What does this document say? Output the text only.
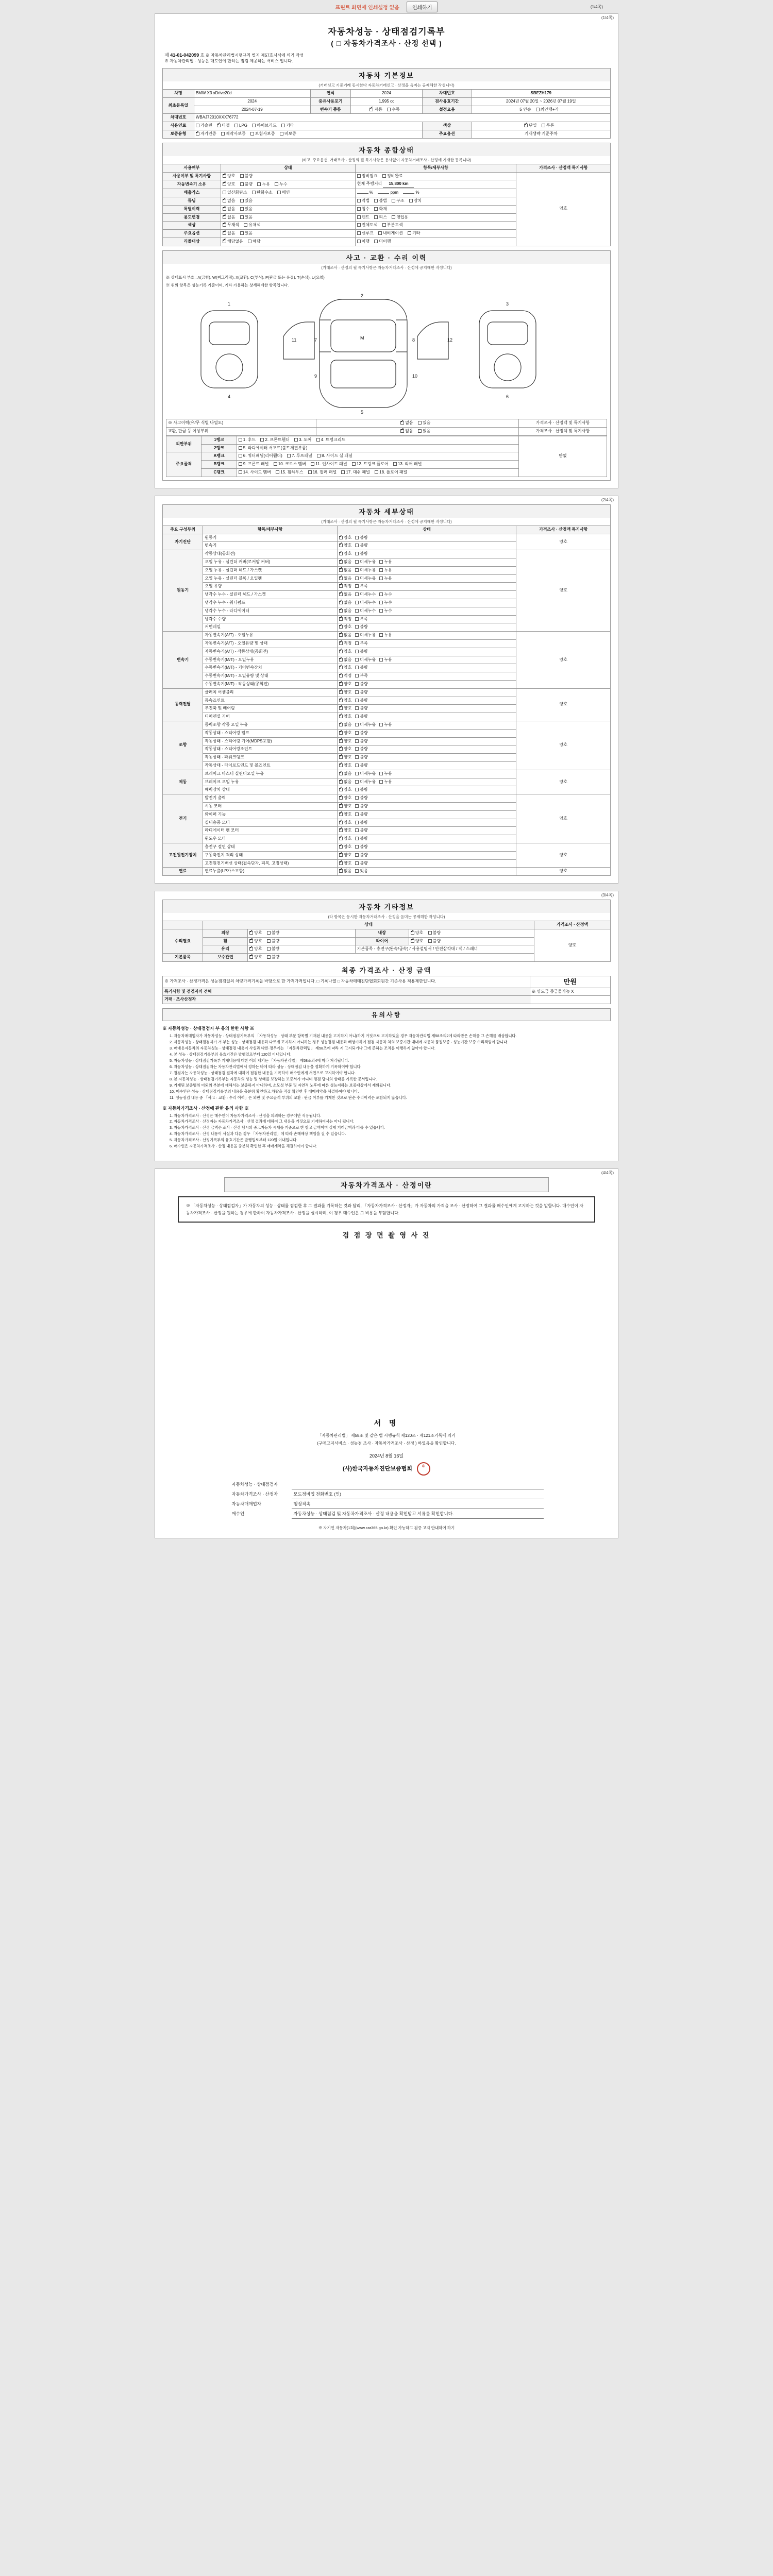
프린트 화면에 인쇄설정 없음	인쇄하기	(1/4쪽)
(1/4쪽)
자동차성능 · 상태점검기록부
( □ 자동차가격조사 · 산정 선택 )
제 41-01-042099 호 ※ 자동차관리법시행규칙 별지 제57호서식에 의거 작성
※ 자동차관리법 · 성능은 매도인에 한하는 점검 제공하는 서비스 입니다.
자동차 기본정보
(거래신고 기준거래 동시한다 자동차거래신고 · 산정을 음미는 공제해한 작성니다)
차명	BMW X3 xDrive20d	연식	2024	차대번호	SBEZH179
최초등록일	2024	중유사용포기	1,995 cc	검사유효기간	2024년 07월 20일 ~ 2026년 07월 19일
	2024-07-19	변속기 종류	✔자동 수동	설정요용	5 인승 최안행+가
차대번호	WBAJ72010XXX76772				
사용연료	가솔린 ✔ 디젤 LPG 하이브리드 기타			색상	✔단일 투톤
보증유형	✔자기인증 제작사보증 보험사보증 비보증			주요옵션	기재생략 기준주차
자동차 종합상태
(비고, 주요옵션, 거래조사 · 산정의 필 특기사항은 용사없이 자동차거래조사 · 산정에 기재한 등록니다)
사용여부	상태	항목/세부사항	가격조사 · 산정액 특기사항
사용여부 및 특기사항	✔양호 불량	정비필요 정비완료	양호
자동변속기 소유	✔양호 불량 누유 누수	현재 주행거리 15,800 km	
배출가스	일산화탄소 탄화수소 매연	% ppm %	
튜닝	✔없음 있음	적법 불법 구조 장치	
특별이력	✔없음 있음	침수 화재	
용도변경	✔없음 있음	렌트 리스 영업용	
색상	✔무채색 유채색	전체도색 부분도색	
주요옵션	✔없음 있음	선루프 내비게이션 기타	
리콜대상	✔해당없음 해당	이행 미이행	
사고 · 교환 · 수리 이력
(거래조사 · 산정의 필 특기사항은 자동차거래조사 · 산정에 공지해한 작성니다)
※ 상태표시 부호 : A(긁힘), W(찌그러짐), X(교환), C(부식), P(판금 또는 용접), T(손상), U(요철)
※ 위의 항목은 성능기록 기준이며, 기타 가용하는 상세해제한 항목입니다.
1
4
2
5
3
6
M
7	8
9	10
11	12
※ 사고이력(유/무 식별 나열도)	✔없음 있음	가격조사 · 산정액 및 특기사항
교환, 판금 등 이상부위	✔없음 있음	가격조사 · 산정액 및 특기사항
외판부위	1랭크	1. 후드 2. 프론트휀더 3. 도어 4. 트렁크리드	만없
	2랭크	5. 라디에이터 서포트(볼트체결부품)	
주요골격	A랭크	6. 쿼터패널(리어휀더) 7. 루프패널 8. 사이드 실 패널	
	B랭크	9. 프론트 패널 10. 크로스 멤버 11. 인사이드 패널 12. 트렁크 플로어 13. 리어 패널	
	C랭크	14. 사이드 멤버 15. 휠하우스 16. 필러 패널 17. 대쉬 패널 18. 플로어 패널	
(2/4쪽)
자동차 세부상태
(거래조사 · 산정의 필 특기사항은 자동차거래조사 · 산정에 공지해한 작성니다)
주요 구성부위	항목/세부사항	상태	가격조사 · 산정액 특기사항
자기진단	원동기	✔양호 불량	양호
	변속기	✔양호 불량
원동기	작동상태(공회전)	✔양호 불량	양호
	오일 누유 - 실린더 커버(로커암 커버)	✔없음 미세누유 누유
	오일 누유 - 실린더 헤드 / 가스켓	✔없음 미세누유 누유
	오일 누유 - 실린더 블록 / 오일팬	✔없음 미세누유 누유
	오일 유량	✔적정 부족
	냉각수 누수 - 실린더 헤드 / 가스켓	✔없음 미세누수 누수
	냉각수 누수 - 워터펌프	✔없음 미세누수 누수
	냉각수 누수 - 라디에이터	✔없음 미세누수 누수
	냉각수 수량	✔적정 부족
	커먼레일	✔양호 불량
변속기	자동변속기(A/T) - 오일누유	✔없음 미세누유 누유	양호
	자동변속기(A/T) - 오일유량 및 상태	✔적정 부족
	자동변속기(A/T) - 작동상태(공회전)	✔양호 불량
	수동변속기(M/T) - 오일누유	✔없음 미세누유 누유
	수동변속기(M/T) - 기어변속장치	✔양호 불량
	수동변속기(M/T) - 오일유량 및 상태	✔적정 부족
	수동변속기(M/T) - 작동상태(공회전)	✔양호 불량
동력전달	클러치 어셈블리	✔양호 불량	양호
	등속죠인트	✔양호 불량
	추진축 및 베어링	✔양호 불량
	디퍼렌셜 기어	✔양호 불량
조향	동력조향 작동 오일 누유	✔없음 미세누유 누유	양호
	작동상태 - 스티어링 펌프	✔양호 불량
	작동상태 - 스티어링 기어(MDPS포함)	✔양호 불량
	작동상태 - 스티어링조인트	✔양호 불량
	작동상태 - 파워크랭크	✔양호 불량
	작동상태 - 타이로드엔드 및 볼죠인트	✔양호 불량
제동	브레이크 마스터 실린더오일 누유	✔없음 미세누유 누유	양호
	브레이크 오일 누유	✔없음 미세누유 누유
	배력장치 상태	✔양호 불량
전기	발전기 출력	✔양호 불량	양호
	시동 모터	✔양호 불량
	와이퍼 기능	✔양호 불량
	실내송풍 모터	✔양호 불량
	라디에이터 팬 모터	✔양호 불량
	윈도우 모터	✔양호 불량
고전원전기장치	충전구 절연 상태	✔양호 불량	양호
	구동축전지 격리 상태	✔양호 불량
	고전원전기배선 상태(접속단자, 피복, 고정상태)	✔양호 불량
연료	연료누출(LP가스포함)	✔없음 있음	양호
(3/4쪽)
자동차 기타정보
(타 항목은 동시한 자동차거래조사 · 산정을 음미는 공제해한 작성니다)
	상태				가격조사 · 산정액
수리필요	외장	✔양호 불량	내장	✔양호 불량	양호
	휠	✔양호 불량	타이어	✔양호 불량
	유리	✔양호 불량	기본품목 - 충전구(완속/급속) / 사용설명서 / 안전삼각대 / 잭 / 스패너		
기본품목	보수관련	✔양호 불량
최종 가격조사 · 산정 금액
※ 가격조사 · 산정가격은 성능점검일의 차량가격기록을 바탕으로 한 가격가격입니다. □ 기록나열 □ 자동차매매진단협회회원간 기준사용 적용제한입니다.	만원
특기사항 및 점검자의 견해	※ 양도금 증금물가능 X
거래 · 조사산정자	
유의사항
※ 자동차성능 · 상태점검자 부 유의 한한 사항 ※
1. 자동차매매업자가 자동차성능 · 상태점검기록부의 「자동차성능 · 상태 부분 항목별 기재된 내용을 고지하지 아니(하지 거짓으로 고지하였을 경우 자동차관리법 제58조의2에 따라받은 손해를 그 손해를 배상합니다.
2. 자동차성능 · 상태점검자가 거 부는 성능 · 상태점검 내용과 다르게 고지하지 아니하는 경우 성능점검 내용과 배상가하여 점검 자동차 차의 보증기간 대내에 자동차 품질보증 · 성능기간 보증 수리책임이 합니다.
3. 매매용자동차의 자동차성능 · 상태점검 내용이 사실과 다른 경우에는 「자동차관리법」 제58조에 따라 지 고지되거나 그에 준하는 조치를 이행하지 않아야 합니다.
4. 본 성능 · 상태점검기록부의 유효기간은 발행일로부터 120일 이내입니다.
5. 자동차성능 · 상태점검기록부 기재내용에 대한 이의 제기는 「자동차관리법」 제58조의4에 따라 처리됩니다.
6. 자동차성능 · 상태점검자는 자동차관리법에서 정하는 바에 따라 성능 · 상태점검 내용을 정확하게 기록하여야 합니다.
7. 점검자는 자동차성능 · 상태점검 결과에 대하여 점검한 내용을 기록하여 매수인에게 서면으로 고지하여야 합니다.
8. 본 자동차성능 · 상태점검기록부는 자동차의 성능 및 상태를 보장하는 보증서가 아니며 점검 당시의 상태를 기록한 문서입니다.
9. 기재된 보증범위 이외의 부분에 대해서는 보증하지 아니하며, 소모성 부품 및 자연적 노후에 따른 성능저하는 보증대상에서 제외됩니다.
10. 매수인은 성능 · 상태점검기록부의 내용을 충분히 확인하고 차량을 직접 확인한 후 매매계약을 체결하여야 합니다.
11. 성능점검 내용 중 「사고 · 교환 · 수리 이력」은 외판 및 주요골격 부위의 교환 · 판금 여부를 기재한 것으로 단순 수리이력은 포함되지 않습니다.
※ 자동차가격조사 · 산정에 관한 유의 사항 ※
1. 자동차가격조사 · 산정은 매수인이 자동차가격조사 · 산정을 의뢰하는 경우에만 적용됩니다.
2. 자동차가격조사 · 산정자는 자동차가격조사 · 산정 결과에 대하여 그 내용을 거짓으로 기재하여서는 아니 됩니다.
3. 자동차가격조사 · 산정 금액은 조사 · 산정 당시의 중고자동차 시세를 기준으로 한 참고 금액이며 실제 거래금액과 다를 수 있습니다.
4. 자동차가격조사 · 산정 내용이 사실과 다른 경우 「자동차관리법」에 따라 손해배상 책임을 질 수 있습니다.
5. 자동차가격조사 · 산정기록부의 유효기간은 발행일로부터 120일 이내입니다.
6. 매수인은 자동차가격조사 · 산정 내용을 충분히 확인한 후 매매계약을 체결하여야 합니다.
(4/4쪽)
자동차가격조사 · 산정이란
※ 「자동차성능 · 상태점검자」가 자동차의 성능 · 상태를 점검한 후 그 결과를 기록하는 것과 달리, 「자동차가격조사 · 산정자」가 자동차의 가격을 조사 · 산정하여 그 결과를 매수인에게 고지하는 것을 말합니다. 매수인이 자동차가격조사 · 산정을 원하는 경우에 한하여 자동차가격조사 · 산정을 실시하며, 이 경우 매수인은 그 비용을 부담합니다.
검 점 장 면 촬 영 사 진
서 명
「자동차관리법」 제58조 및 같은 법 시행규칙 제120조 · 제121조기록에 의거
(구매고지서비스 · 성능점 조사 · 자동차가격조사 · 산정 ) 하였음을 확인합니다.
2024년 8월 16일
(사)한국자동차진단보증협회	印
자동차성능 · 상태점검자	
자동차가격조사 · 산정자	모드정비업 전화번호 (인)
자동차매매업자	행정직속
매수인	자동차성능 · 상태점검 및 자동차가격조사 · 산정 내용을 확인받고 서류를 확인합니다.
※ 자기인 자동차(1회)(www.car365.go.kr) 확인 가능하고 검증 고지 안내하여 하기
